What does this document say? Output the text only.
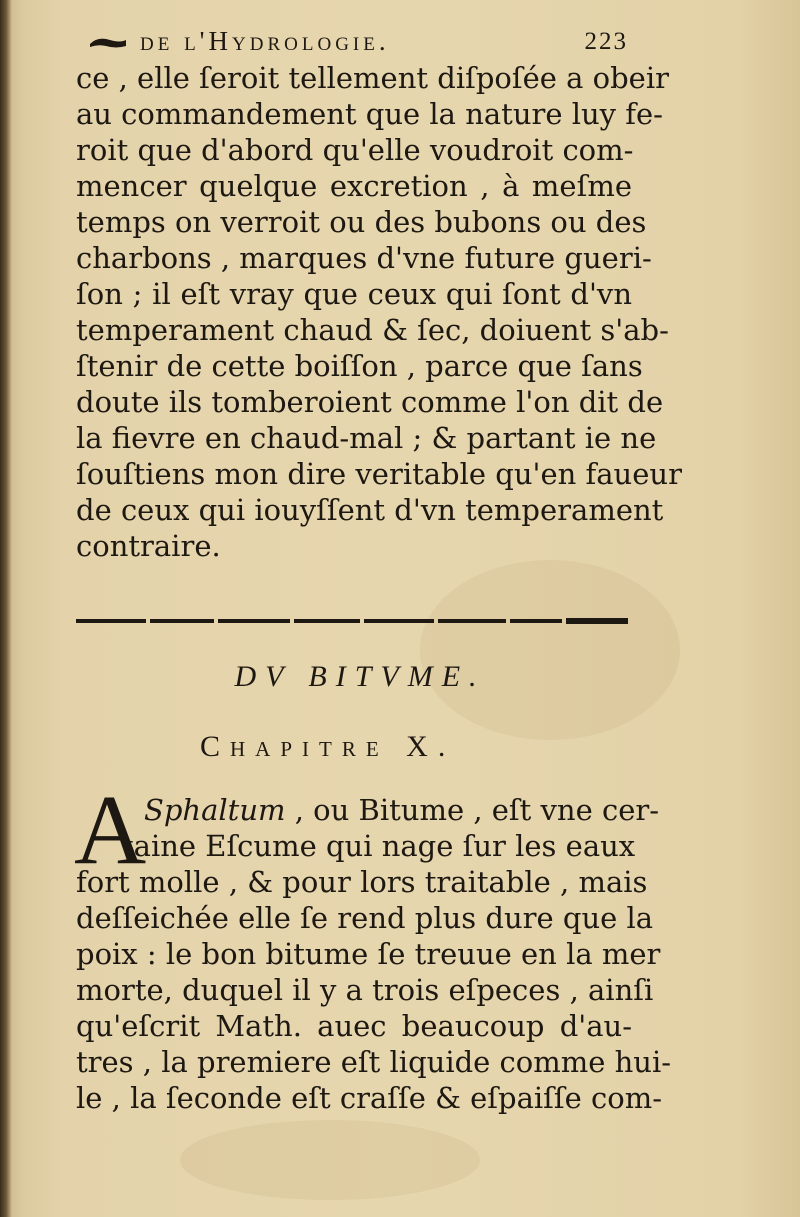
de l'Hydrologie.	223
ce , elle ſeroit tellement diſpoſée a obeir
au commandement que la nature luy fe-
roit que d'abord qu'elle voudroit com-
mencer quelque excretion , à meſme
temps on verroit ou des bubons ou des
charbons , marques d'vne future gueri-
ſon ; il eſt vray que ceux qui ſont d'vn
temperament chaud & ſec, doiuent s'ab-
ſtenir de cette boiſſon , parce que ſans
doute ils tomberoient comme l'on dit de
la fievre en chaud-mal ; & partant ie ne
ſouſtiens mon dire veritable qu'en faueur
de ceux qui iouyſſent d'vn temperament
contraire.
DV BITVME.
Chapitre X.
A
Sphaltum , ou Bitume , eſt vne cer-
taine Eſcume qui nage ſur les eaux
fort molle , & pour lors traitable , mais
deſſeichée elle ſe rend plus dure que la
poix : le bon bitume ſe treuue en la mer
morte, duquel il y a trois eſpeces , ainſi
qu'eſcrit Math. auec beaucoup d'au-
tres , la premiere eſt liquide comme hui-
le , la ſeconde eſt craſſe & eſpaiſſe com-
